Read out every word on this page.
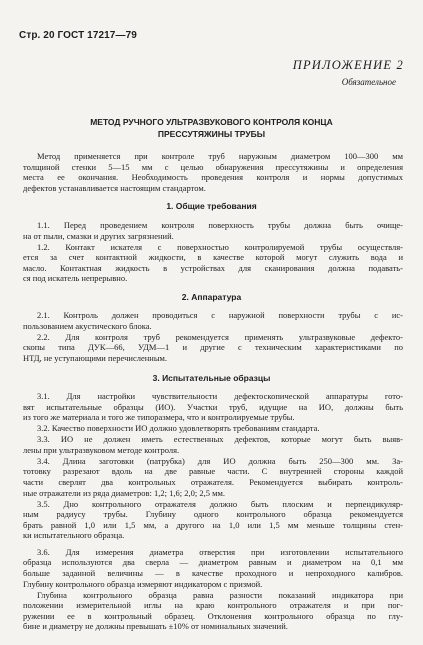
Стр. 20 ГОСТ 17217—79
ПРИЛОЖЕНИЕ 2
Обязательное
МЕТОД РУЧНОГО УЛЬТРАЗВУКОВОГО КОНТРОЛЯ КОНЦА
ПРЕССУТЯЖИНЫ ТРУБЫ

Метод применяется при контроле труб наружным диаметром 100—300 мм
толщиной стенки 5—15 мм с целью обнаружения прессутяжины и определения
места ее окончания. Необходимость проведения контроля и нормы допустимых
дефектов устанавливается настоящим стандартом.

1. Общие требования

1.1. Перед проведением контроля поверхность трубы должна быть очище-
на от пыли, смазки и других загрязнений.

1.2. Контакт искателя с поверхностью контролируемой трубы осуществля-
ется за счет контактной жидкости, в качестве которой могут служить вода и
масло. Контактная жидкость в устройствах для сканирования должна подавать-
ся под искатель непрерывно.

2. Аппаратура

2.1. Контроль должен проводиться с наружной поверхности трубы с ис-
пользованием акустического блока.

2.2. Для контроля труб рекомендуется применять ультразвуковые дефекто-
скопы типа ДУК—66, УДМ—1 и другие с техническим характеристиками по
НТД, не уступающими перечисленным.

3. Испытательные образцы

3.1. Для настройки чувствительности дефектоскопической аппаратуры гото-
вят испытательные образцы (ИО). Участки труб, идущие на ИО, должны быть
из того же материала и того же типоразмера, что и контролируемые трубы.

3.2. Качество поверхности ИО должно удовлетворять требованиям стандарта.

3.3. ИО не должен иметь естественных дефектов, которые могут быть выяв-
лены при ультразвуковом методе контроля.

3.4. Длина заготовки (патрубка) для ИО должна быть 250—300 мм. За-
тотовку разрезают вдоль на две равные части. С внутренней стороны каждой
части сверлят два контрольных отражателя. Рекомендуется выбирать контроль-
ные отражатели из ряда диаметров: 1,2; 1,6; 2,0; 2,5 мм.

3.5. Дно контрольного отражателя должно быть плоским и перпендикуляр-
ным радиусу трубы. Глубину одного контрольного образца рекомендуется
брать равной 1,0 или 1,5 мм, а другого на 1,0 или 1,5 мм меньше толщины стен-
ки испытательного образца.

3.6. Для измерения диаметра отверстия при изготовлении испытательного
образца используются два сверла — диаметром равным и диаметром на 0,1 мм
больше заданной величины — в качестве проходного и непроходного калибров.
Глубину контрольного образца измеряют индикатором с призмой.

Глубина контрольного образца равна разности показаний индикатора при
положении измерительной иглы на краю контрольного отражателя и при пог-
ружении ее в контрольный образец. Отклонения контрольного образца по глу-
бине и диаметру не должны превышать ±10% от номинальных значений.
